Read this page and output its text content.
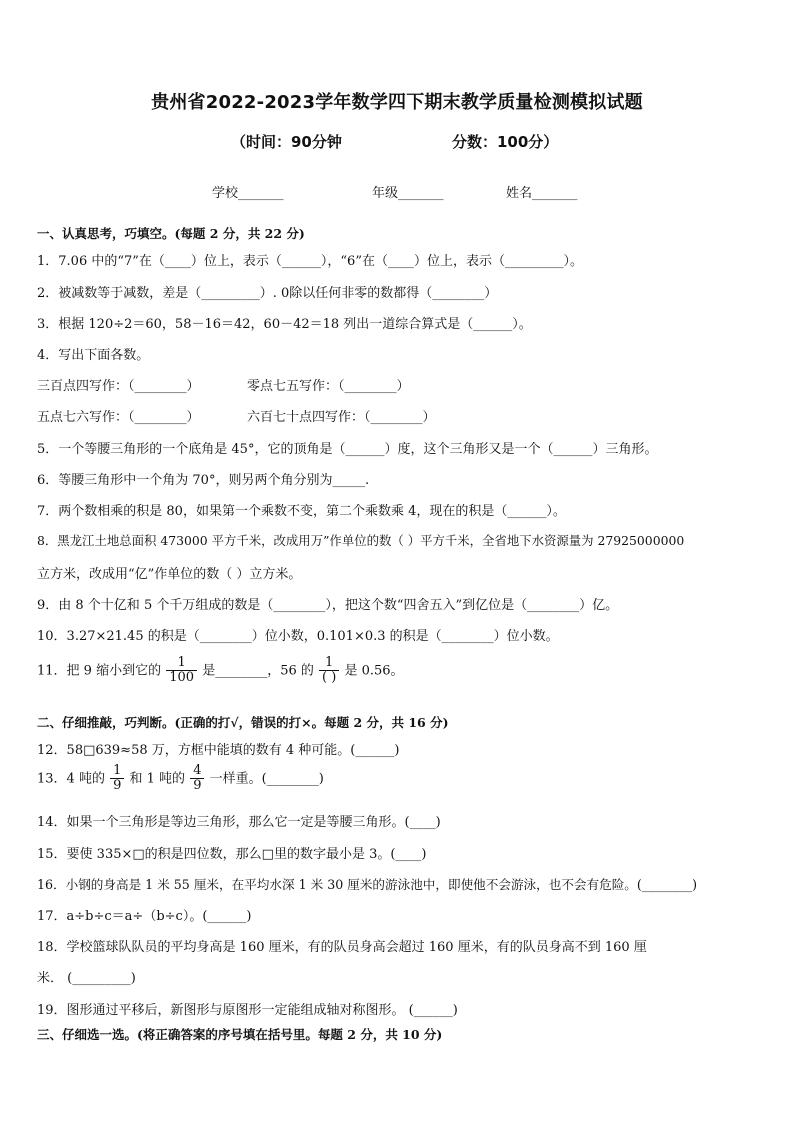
贵州省2022-2023学年数学四下期末教学质量检测模拟试题
（时间：90分钟	分数：100分）
学校_______	年级_______	姓名_______
一、认真思考，巧填空。(每题 2 分，共 22 分)
1．7.06 中的“7”在（____）位上，表示（______），“6”在（____）位上，表示（_________）。
2．被减数等于减数，差是（_________）. 0除以任何非零的数都得（________）
3．根据 120÷2＝60，58－16＝42，60－42＝18 列出一道综合算式是（______）。
4．写出下面各数。
三百点四写作：（________）	零点七五写作：（________）
五点七六写作：（________）	六百七十点四写作：（________）
5．一个等腰三角形的一个底角是 45°，它的顶角是（______）度，这个三角形又是一个（______）三角形。
6．等腰三角形中一个角为 70°，则另两个角分别为_____.
7．两个数相乘的积是 80，如果第一个乘数不变，第二个乘数乘 4，现在的积是（______）。
8．黑龙江土地总面积 473000 平方千米，改成用万”作单位的数（ ）平方千米，全省地下水资源量为 27925000000
立方米，改成用“亿”作单位的数（ ）立方米。
9．由 8 个十亿和 5 个千万组成的数是（________），把这个数“四舍五入”到亿位是（________）亿。
10．3.27×21.45 的积是（________）位小数，0.101×0.3 的积是（________）位小数。
11．把 9 缩小到它的 $\frac{1}{100}$ 是________，56 的 $\frac{1}{( )}$ 是 0.56。
二、仔细推敲，巧判断。(正确的打√，错误的打×。每题 2 分，共 16 分)
12．58□639≈58 万，方框中能填的数有 4 种可能。(______)
13．4 吨的 $\frac{1}{9}$ 和 1 吨的 $\frac{4}{9}$ 一样重。(________)
14．如果一个三角形是等边三角形，那么它一定是等腰三角形。(____)
15．要使 335×□的积是四位数，那么□里的数字最小是 3。(____)
16．小钢的身高是 1 米 55 厘米，在平均水深 1 米 30 厘米的游泳池中，即使他不会游泳，也不会有危险。(________)
17．a÷b÷c＝a÷（b÷c）。(______)
18．学校篮球队队员的平均身高是 160 厘米，有的队员身高会超过 160 厘米，有的队员身高不到 160 厘
米． (_________)
19．图形通过平移后，新图形与原图形一定能组成轴对称图形。 (______)
三、仔细选一选。(将正确答案的序号填在括号里。每题 2 分，共 10 分)
